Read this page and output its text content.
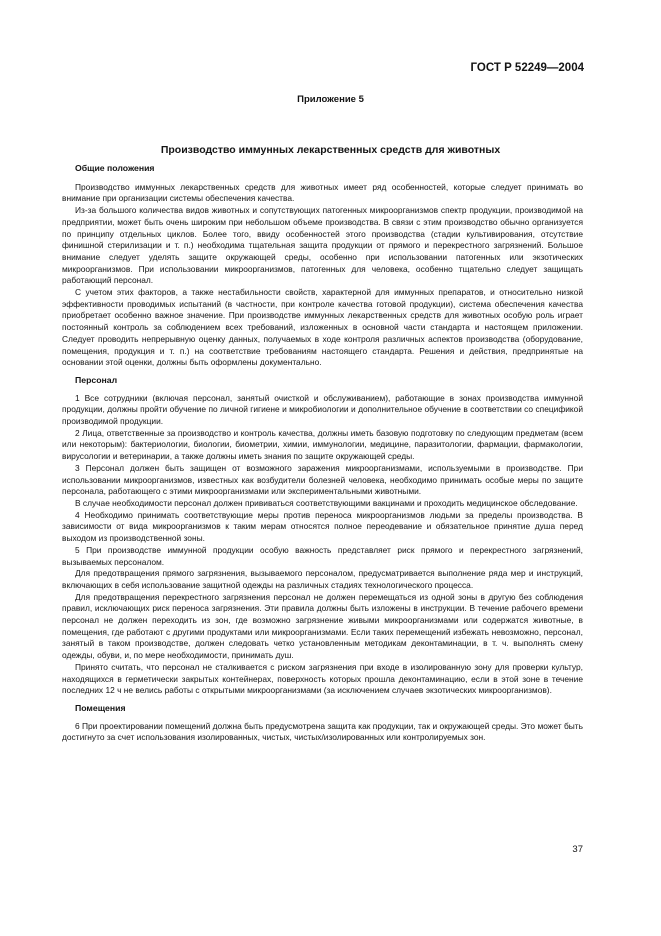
ГОСТ Р 52249—2004
Приложение 5
Производство иммунных лекарственных средств для животных
Общие положения

Производство иммунных лекарственных средств для животных имеет ряд особенностей, которые следует принимать во внимание при организации системы обеспечения качества.

Из-за большого количества видов животных и сопутствующих патогенных микроорганизмов спектр продукции, производимой на предприятии, может быть очень широким при небольшом объеме производства. В связи с этим производство обычно организуется по принципу отдельных циклов. Более того, ввиду особенностей этого производства (стадии культивирования, отсутствие финишной стерилизации и т. п.) необходима тщательная защита продукции от прямого и перекрестного загрязнений. Большое внимание следует уделять защите окружающей среды, особенно при использовании патогенных или экзотических микроорганизмов. При использовании микроорганизмов, патогенных для человека, особенно тщательно следует защищать работающий персонал.

С учетом этих факторов, а также нестабильности свойств, характерной для иммунных препаратов, и относительно низкой эффективности проводимых испытаний (в частности, при контроле качества готовой продукции), система обеспечения качества приобретает особенно важное значение. При производстве иммунных лекарственных средств для животных особую роль играет постоянный контроль за соблюдением всех требований, изложенных в основной части стандарта и настоящем приложении. Следует проводить непрерывную оценку данных, получаемых в ходе контроля различных аспектов производства (оборудование, помещения, продукция и т. п.) на соответствие требованиям настоящего стандарта. Решения и действия, предпринятые на основании этой оценки, должны быть оформлены документально.

Персонал

1 Все сотрудники (включая персонал, занятый очисткой и обслуживанием), работающие в зонах производства иммунной продукции, должны пройти обучение по личной гигиене и микробиологии и дополнительное обучение в соответствии со спецификой производимой продукции.

2 Лица, ответственные за производство и контроль качества, должны иметь базовую подготовку по следующим предметам (всем или некоторым): бактериологии, биологии, биометрии, химии, иммунологии, медицине, паразитологии, фармации, фармакологии, вирусологии и ветеринарии, а также должны иметь знания по защите окружающей среды.

3 Персонал должен быть защищен от возможного заражения микроорганизмами, используемыми в производстве. При использовании микроорганизмов, известных как возбудители болезней человека, необходимо принимать особые меры по защите персонала, работающего с этими микроорганизмами или экспериментальными животными.

В случае необходимости персонал должен прививаться соответствующими вакцинами и проходить медицинское обследование.

4 Необходимо принимать соответствующие меры против переноса микроорганизмов людьми за пределы производства. В зависимости от вида микроорганизмов к таким мерам относятся полное переодевание и обязательное принятие душа перед выходом из производственной зоны.

5 При производстве иммунной продукции особую важность представляет риск прямого и перекрестного загрязнений, вызываемых персоналом.

Для предотвращения прямого загрязнения, вызываемого персоналом, предусматривается выполнение ряда мер и инструкций, включающих в себя использование защитной одежды на различных стадиях технологического процесса.

Для предотвращения перекрестного загрязнения персонал не должен перемещаться из одной зоны в другую без соблюдения правил, исключающих риск переноса загрязнения. Эти правила должны быть изложены в инструкции. В течение рабочего времени персонал не должен переходить из зон, где возможно загрязнение живыми микроорганизмами или содержатся животные, в помещения, где работают с другими продуктами или микроорганизмами. Если таких перемещений избежать невозможно, персонал, занятый в таком производстве, должен следовать четко установленным методикам деконтаминации, в т. ч. выполнять смену одежды, обуви, и, по мере необходимости, принимать душ.

Принято считать, что персонал не сталкивается с риском загрязнения при входе в изолированную зону для проверки культур, находящихся в герметически закрытых контейнерах, поверхность которых прошла деконтаминацию, если в этой зоне в течение последних 12 ч не велись работы с открытыми микроорганизмами (за исключением случаев экзотических микроорганизмов).

Помещения

6 При проектировании помещений должна быть предусмотрена защита как продукции, так и окружающей среды. Это может быть достигнуто за счет использования изолированных, чистых, чистых/изолированных или контролируемых зон.

37
